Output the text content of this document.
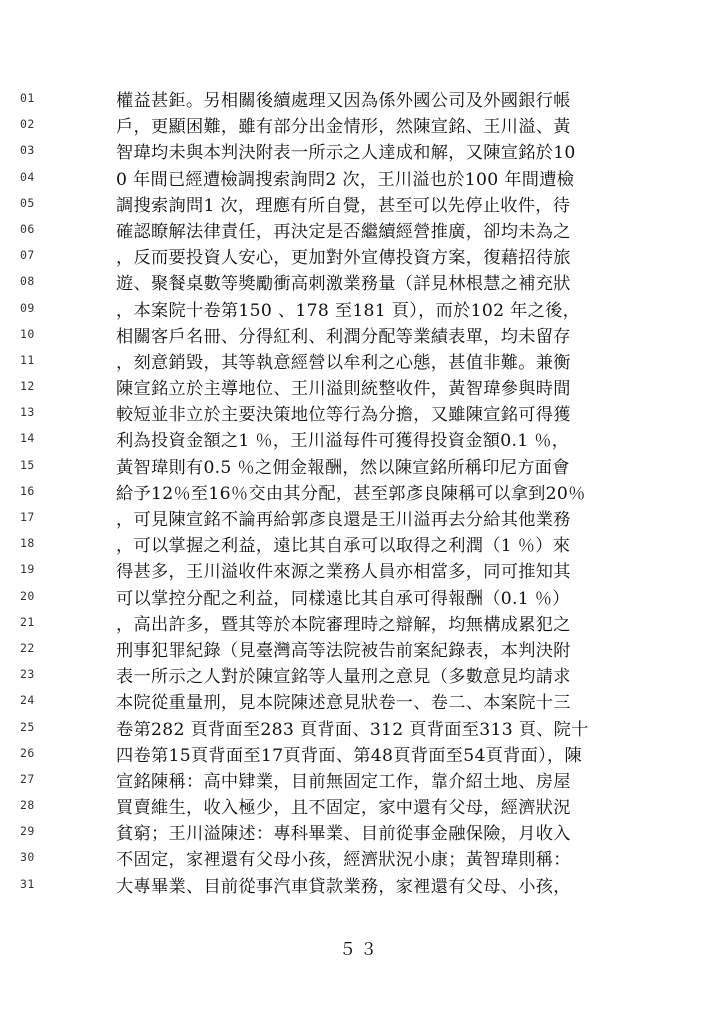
01	權益甚鉅。另相關後續處理又因為係外國公司及外國銀行帳
02	戶，更顯困難，雖有部分出金情形，然陳宣銘、王川溢、黃
03	智瑋均未與本判決附表一所示之人達成和解，又陳宣銘於10
04	0 年間已經遭檢調搜索詢問2 次，王川溢也於100 年間遭檢
05	調搜索詢問1 次，理應有所自覺，甚至可以先停止收件，待
06	確認瞭解法律責任，再決定是否繼續經營推廣，卻均未為之
07	，反而要投資人安心，更加對外宣傳投資方案，復藉招待旅
08	遊、聚餐桌數等獎勵衝高刺激業務量（詳見林根慧之補充狀
09	，本案院十卷第150 、178 至181 頁），而於102 年之後，
10	相關客戶名冊、分得紅利、利潤分配等業績表單，均未留存
11	，刻意銷毀，其等執意經營以牟利之心態，甚值非難。兼衡
12	陳宣銘立於主導地位、王川溢則統整收件，黃智瑋參與時間
13	較短並非立於主要決策地位等行為分擔，又雖陳宣銘可得獲
14	利為投資金額之1 ％，王川溢每件可獲得投資金額0.1 ％，
15	黃智瑋則有0.5 ％之佣金報酬，然以陳宣銘所稱印尼方面會
16	給予12％至16％交由其分配，甚至郭彥良陳稱可以拿到20％
17	，可見陳宣銘不論再給郭彥良還是王川溢再去分給其他業務
18	，可以掌握之利益，遠比其自承可以取得之利潤（1 ％）來
19	得甚多，王川溢收件來源之業務人員亦相當多，同可推知其
20	可以掌控分配之利益，同樣遠比其自承可得報酬（0.1 ％）
21	，高出許多，暨其等於本院審理時之辯解，均無構成累犯之
22	刑事犯罪紀錄（見臺灣高等法院被告前案紀錄表，本判決附
23	表一所示之人對於陳宣銘等人量刑之意見（多數意見均請求
24	本院從重量刑，見本院陳述意見狀卷一、卷二、本案院十三
25	卷第282 頁背面至283 頁背面、312 頁背面至313 頁、院十
26	四卷第15頁背面至17頁背面、第48頁背面至54頁背面），陳
27	宣銘陳稱：高中肄業，目前無固定工作，靠介紹土地、房屋
28	買賣維生，收入極少，且不固定，家中還有父母，經濟狀況
29	貧窮；王川溢陳述：專科畢業、目前從事金融保險，月收入
30	不固定，家裡還有父母小孩，經濟狀況小康；黃智瑋則稱：
31	大專畢業、目前從事汽車貸款業務，家裡還有父母、小孩，
５３
